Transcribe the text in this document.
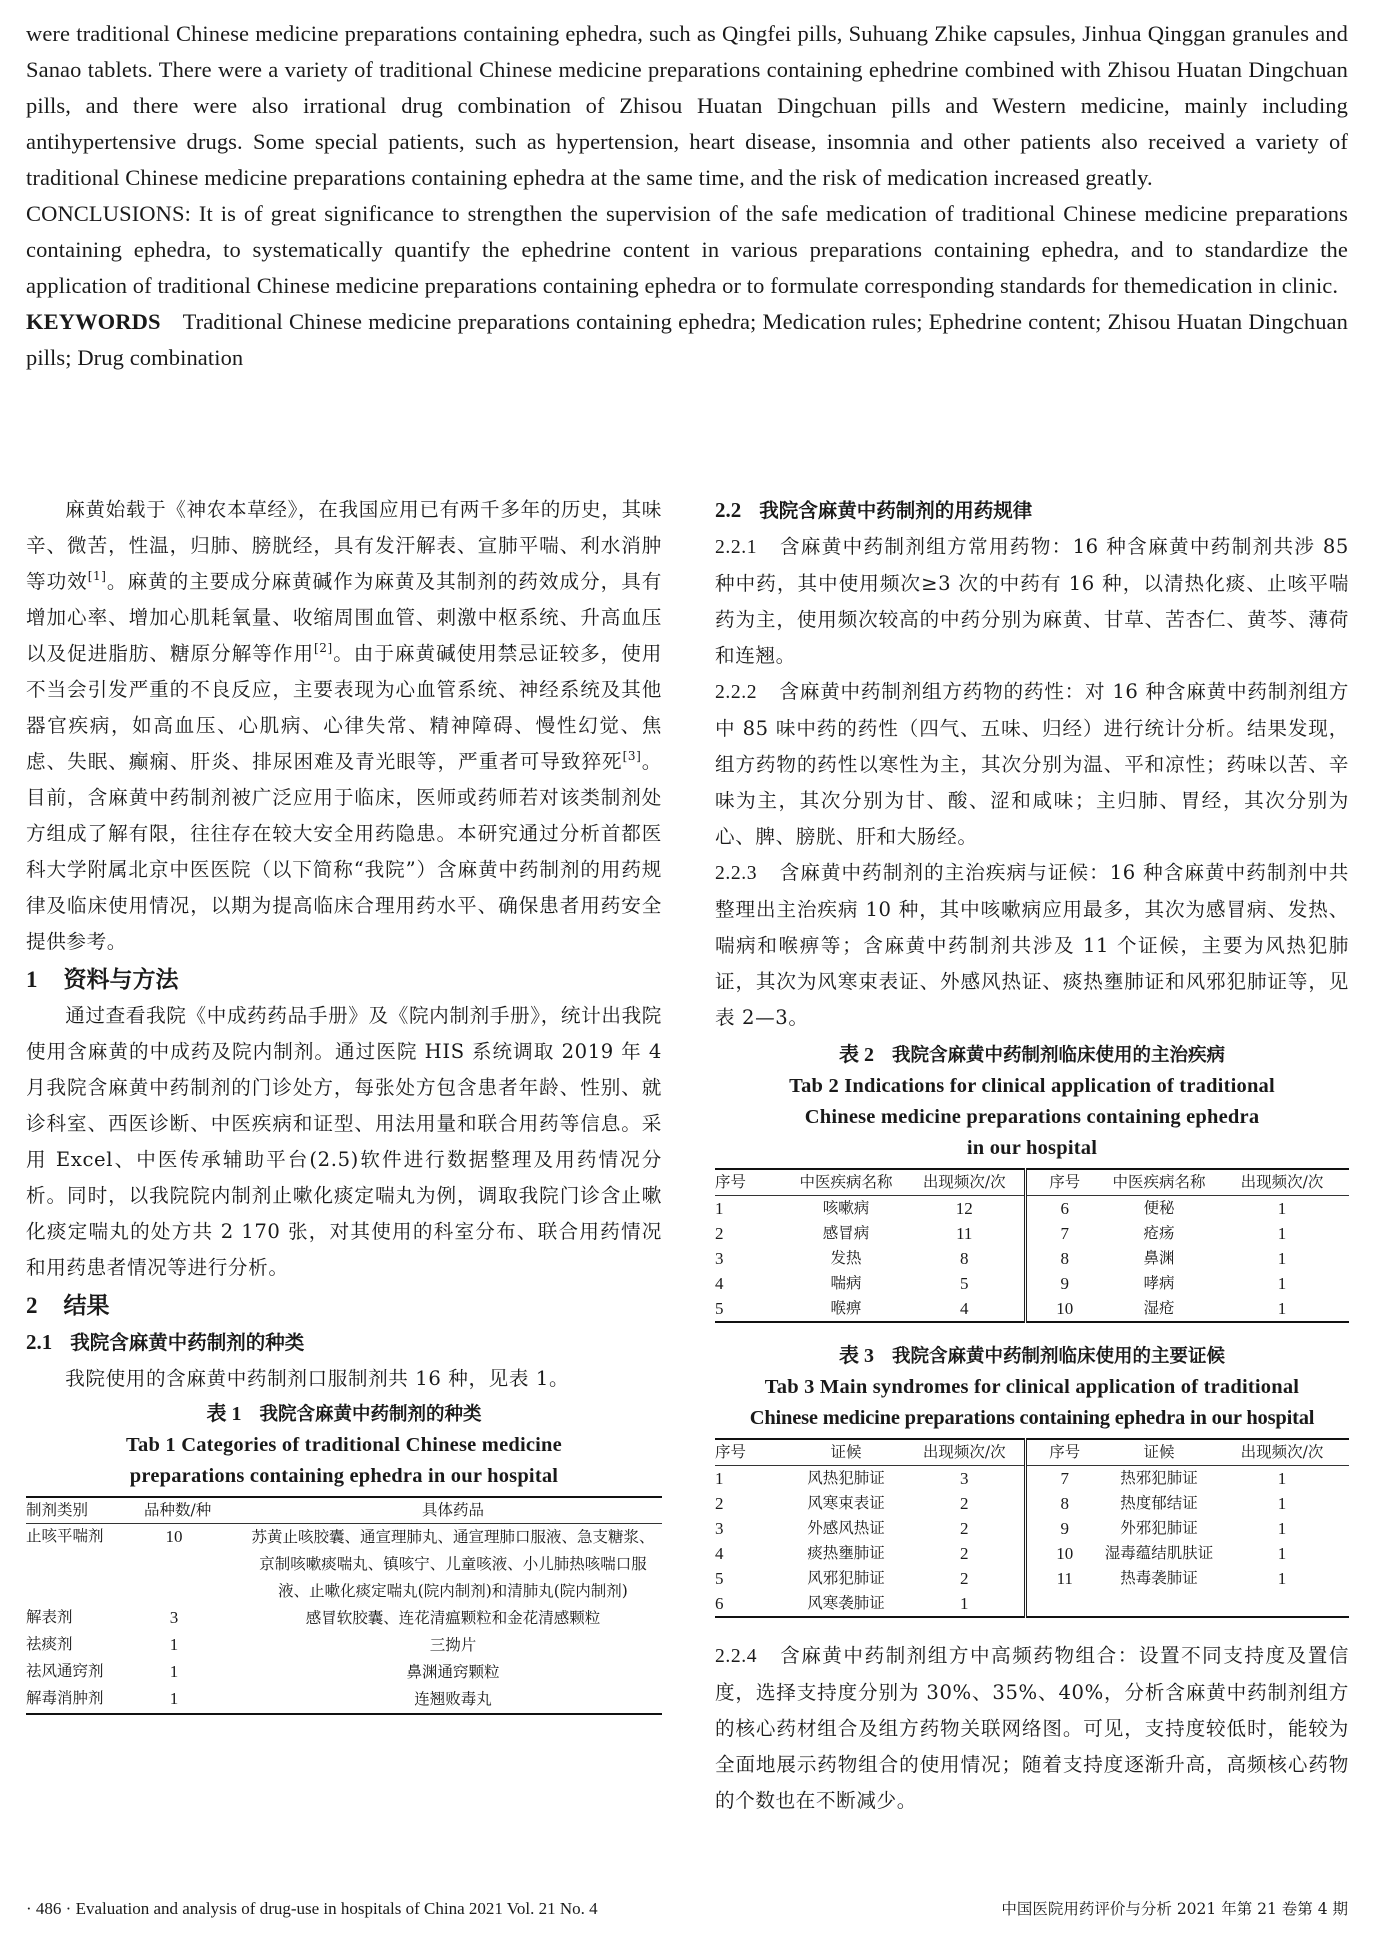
were traditional Chinese medicine preparations containing ephedra, such as Qingfei pills, Suhuang Zhike capsules, Jinhua Qinggan granules and Sanao tablets. There were a variety of traditional Chinese medicine preparations containing ephedrine combined with Zhisou Huatan Dingchuan pills, and there were also irrational drug combination of Zhisou Huatan Dingchuan pills and Western medicine, mainly including antihypertensive drugs. Some special patients, such as hypertension, heart disease, insomnia and other patients also received a variety of traditional Chinese medicine preparations containing ephedra at the same time, and the risk of medication increased greatly.

CONCLUSIONS: It is of great significance to strengthen the supervision of the safe medication of traditional Chinese medicine preparations containing ephedra, to systematically quantify the ephedrine content in various preparations containing ephedra, and to standardize the application of traditional Chinese medicine preparations containing ephedra or to formulate corresponding standards for themedication in clinic.

KEYWORDS Traditional Chinese medicine preparations containing ephedra; Medication rules; Ephedrine content; Zhisou Huatan Dingchuan pills; Drug combination

麻黄始载于《神农本草经》，在我国应用已有两千多年的历史，其味辛、微苦，性温，归肺、膀胱经，具有发汗解表、宣肺平喘、利水消肿等功效[1]。麻黄的主要成分麻黄碱作为麻黄及其制剂的药效成分，具有增加心率、增加心肌耗氧量、收缩周围血管、刺激中枢系统、升高血压以及促进脂肪、糖原分解等作用[2]。由于麻黄碱使用禁忌证较多，使用不当会引发严重的不良反应，主要表现为心血管系统、神经系统及其他器官疾病，如高血压、心肌病、心律失常、精神障碍、慢性幻觉、焦虑、失眠、癫痫、肝炎、排尿困难及青光眼等，严重者可导致猝死[3]。目前，含麻黄中药制剂被广泛应用于临床，医师或药师若对该类制剂处方组成了解有限，往往存在较大安全用药隐患。本研究通过分析首都医科大学附属北京中医医院（以下简称“我院”）含麻黄中药制剂的用药规律及临床使用情况，以期为提高临床合理用药水平、确保患者用药安全提供参考。

1 资料与方法

通过查看我院《中成药药品手册》及《院内制剂手册》，统计出我院使用含麻黄的中成药及院内制剂。通过医院 HIS 系统调取 2019 年 4 月我院含麻黄中药制剂的门诊处方，每张处方包含患者年龄、性别、就诊科室、西医诊断、中医疾病和证型、用法用量和联合用药等信息。采用 Excel、中医传承辅助平台(2.5)软件进行数据整理及用药情况分析。同时，以我院院内制剂止嗽化痰定喘丸为例，调取我院门诊含止嗽化痰定喘丸的处方共 2 170 张，对其使用的科室分布、联合用药情况和用药患者情况等进行分析。

2 结果
2.1 我院含麻黄中药制剂的种类

我院使用的含麻黄中药制剂口服制剂共 16 种，见表 1。

表 1 我院含麻黄中药制剂的种类
Tab 1 Categories of traditional Chinese medicine preparations containing ephedra in our hospital
制剂类别	品种数/种	具体药品
止咳平喘剂	10	苏黄止咳胶囊、通宣理肺丸、通宣理肺口服液、急支糖浆、京制咳嗽痰喘丸、镇咳宁、儿童咳液、小儿肺热咳喘口服液、止嗽化痰定喘丸(院内制剂)和清肺丸(院内制剂)
解表剂	3	感冒软胶囊、连花清瘟颗粒和金花清感颗粒
祛痰剂	1	三拗片
祛风通窍剂	1	鼻渊通窍颗粒
解毒消肿剂	1	连翘败毒丸
2.2 我院含麻黄中药制剂的用药规律

2.2.1 含麻黄中药制剂组方常用药物：16 种含麻黄中药制剂共涉 85 种中药，其中使用频次≥3 次的中药有 16 种，以清热化痰、止咳平喘药为主，使用频次较高的中药分别为麻黄、甘草、苦杏仁、黄芩、薄荷和连翘。

2.2.2 含麻黄中药制剂组方药物的药性：对 16 种含麻黄中药制剂组方中 85 味中药的药性（四气、五味、归经）进行统计分析。结果发现，组方药物的药性以寒性为主，其次分别为温、平和凉性；药味以苦、辛味为主，其次分别为甘、酸、涩和咸味；主归肺、胃经，其次分别为心、脾、膀胱、肝和大肠经。

2.2.3 含麻黄中药制剂的主治疾病与证候：16 种含麻黄中药制剂中共整理出主治疾病 10 种，其中咳嗽病应用最多，其次为感冒病、发热、喘病和喉痹等；含麻黄中药制剂共涉及 11 个证候，主要为风热犯肺证，其次为风寒束表证、外感风热证、痰热壅肺证和风邪犯肺证等，见表 2—3。

表 2 我院含麻黄中药制剂临床使用的主治疾病
Tab 2 Indications for clinical application of traditional
Chinese medicine preparations containing ephedra
in our hospital
序号	中医疾病名称	出现频次/次	序号	中医疾病名称	出现频次/次
1	咳嗽病	12	6	便秘	1
2	感冒病	11	7	疮疡	1
3	发热	8	8	鼻渊	1
4	喘病	5	9	哮病	1
5	喉痹	4	10	湿疮	1
表 3 我院含麻黄中药制剂临床使用的主要证候
Tab 3 Main syndromes for clinical application of traditional
Chinese medicine preparations containing ephedra in our hospital
序号	证候	出现频次/次	序号	证候	出现频次/次
1	风热犯肺证	3	7	热邪犯肺证	1
2	风寒束表证	2	8	热度郁结证	1
3	外感风热证	2	9	外邪犯肺证	1
4	痰热壅肺证	2	10	湿毒蕴结肌肤证	1
5	风邪犯肺证	2	11	热毒袭肺证	1
6	风寒袭肺证	1			

2.2.4 含麻黄中药制剂组方中高频药物组合：设置不同支持度及置信度，选择支持度分别为 30%、35%、40%，分析含麻黄中药制剂组方的核心药材组合及组方药物关联网络图。可见，支持度较低时，能较为全面地展示药物组合的使用情况；随着支持度逐渐升高，高频核心药物的个数也在不断减少。

· 486 · Evaluation and analysis of drug-use in hospitals of China 2021 Vol. 21 No. 4	中国医院用药评价与分析 2021 年第 21 卷第 4 期
